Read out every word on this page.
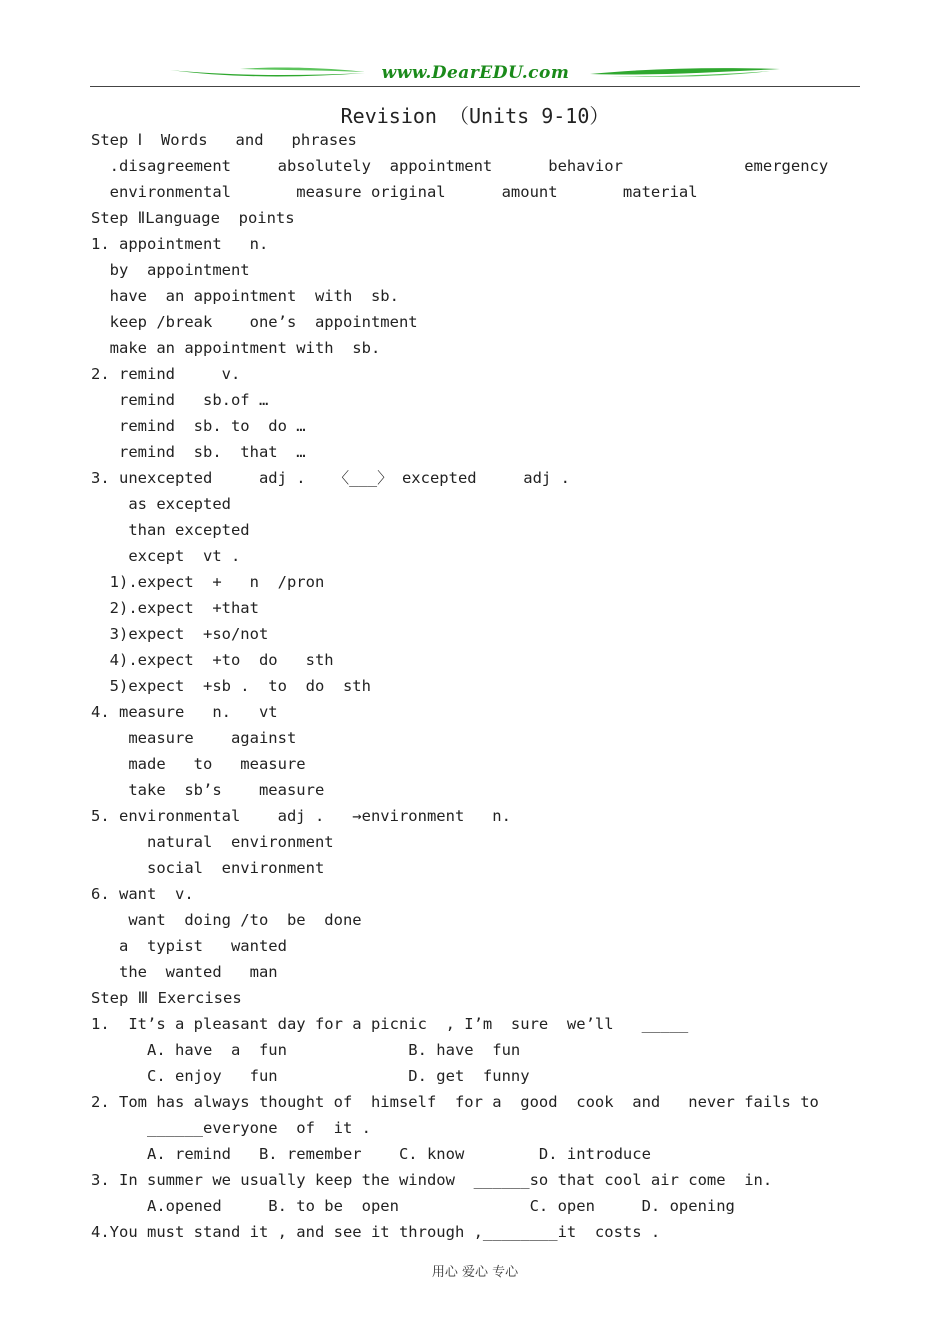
www.DearEDU.com
Revision （Units 9-10）
Step Ⅰ  Words   and   phrases
.disagreement     absolutely  appointment      behavior             emergency
environmental       measure original      amount       material
Step ⅡLanguage  points
1. appointment   n.
by  appointment
have  an appointment  with  sb.
keep /break    one’s  appointment
make an appointment with  sb.
2. remind     v.
remind   sb.of …
remind  sb. to  do …
remind  sb.  that  …
3. unexcepted     adj .   〈___〉 excepted     adj .
as excepted
than excepted
except  vt .
1).expect  +   n  /pron
2).expect  +that
3)expect  +so/not
4).expect  +to  do   sth
5)expect  +sb .  to  do  sth
4. measure   n.   vt
measure    against
made   to   measure
take  sb’s    measure
5. environmental    adj .   →environment   n.
natural  environment
social  environment
6. want  v.
want  doing /to  be  done
a  typist   wanted
the  wanted   man
Step Ⅲ Exercises
1.  It’s a pleasant day for a picnic  , I’m  sure  we’ll   _____
A. have  a  fun             B. have  fun
C. enjoy   fun              D. get  funny
2. Tom has always thought of  himself  for a  good  cook  and   never fails to
______everyone  of  it .
A. remind   B. remember    C. know        D. introduce
3. In summer we usually keep the window  ______so that cool air come  in.
A.opened     B. to be  open              C. open     D. opening
4.You must stand it , and see it through ,________it  costs .
用心 爱心 专心
